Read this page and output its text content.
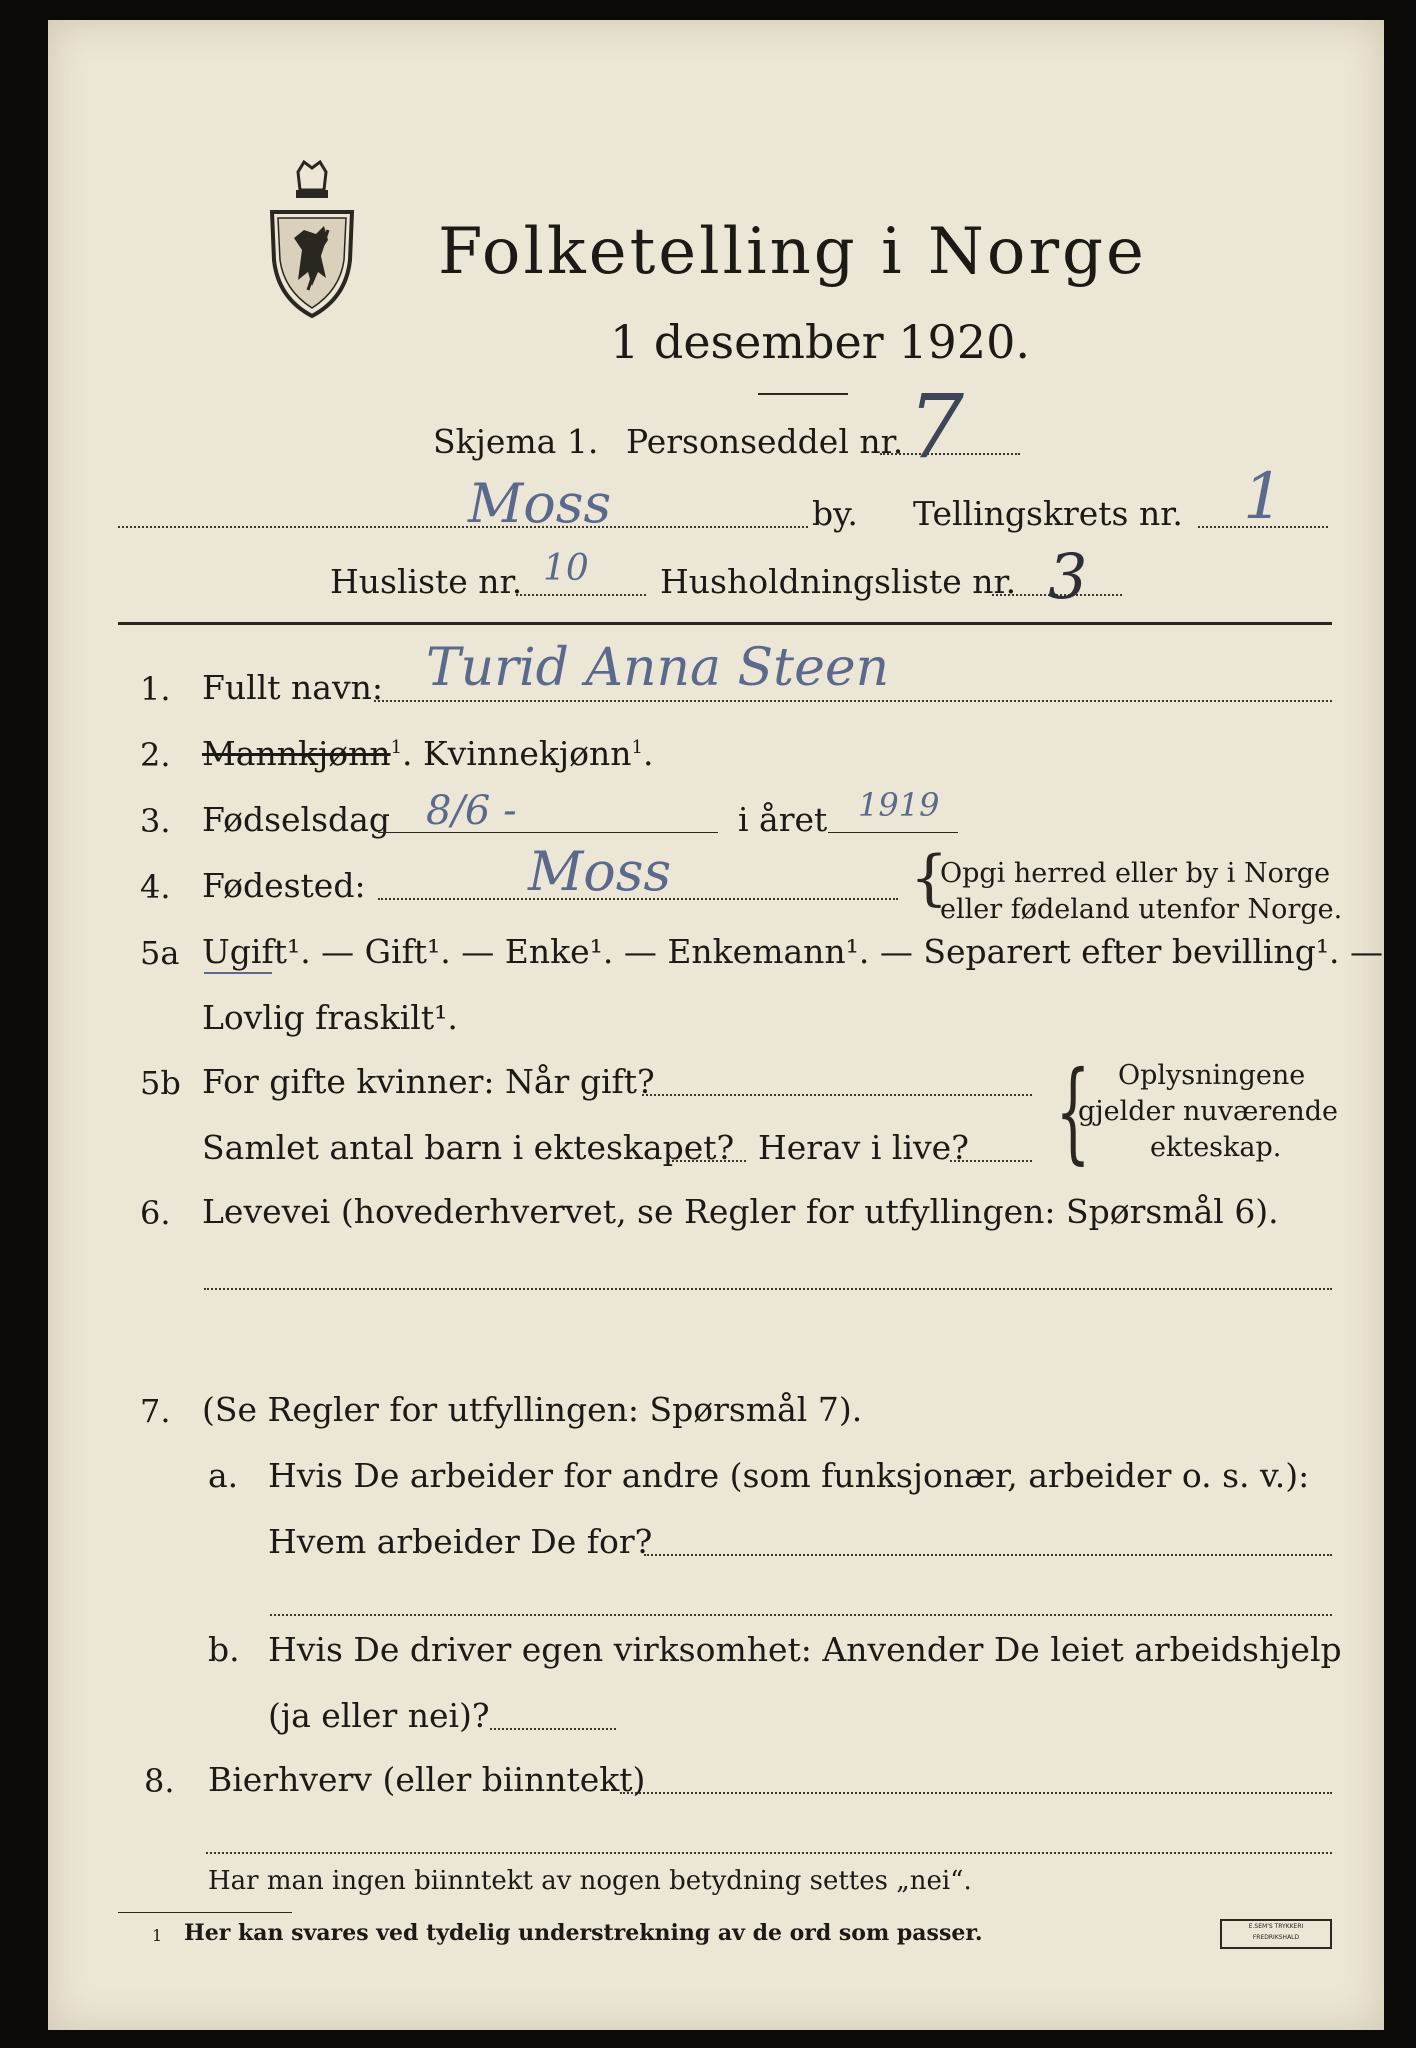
Folketelling i Norge
1 desember 1920.
Skjema 1. Personseddel nr. 7
Moss	by. Tellingskrets nr. 1
Husliste nr. 10 Husholdningsliste nr. 3
1. Fullt navn: Turid Anna Steen
2. Mannkjønn$^1$. Kvinnekjønn$^1$.
3. Fødselsdag 8/6 -	i året 1919
4. Fødested:	Moss	{
Opgi herred eller by i Norge
eller fødeland utenfor Norge.
5a Ugift¹. — Gift¹. — Enke¹. — Enkemann¹. — Separert efter bevilling¹. —
Lovlig fraskilt¹.
5b For gifte kvinner: Når gift?
Samlet antal barn i ekteskapet? Herav i live? { Oplysningene
gjelder nuværende
ekteskap.
6. Levevei (hovederhvervet, se Regler for utfyllingen: Spørsmål 6).
7. (Se Regler for utfyllingen: Spørsmål 7).
a. Hvis De arbeider for andre (som funksjonær, arbeider o. s. v.):
Hvem arbeider De for?
b. Hvis De driver egen virksomhet: Anvender De leiet arbeidshjelp
(ja eller nei)?
8. Bierhverv (eller biinntekt)
Har man ingen biinntekt av nogen betydning settes „nei“.
1 Her kan svares ved tydelig understrekning av de ord som passer.	E.SEM'S TRYKKERI
FREDRIKSHALD
